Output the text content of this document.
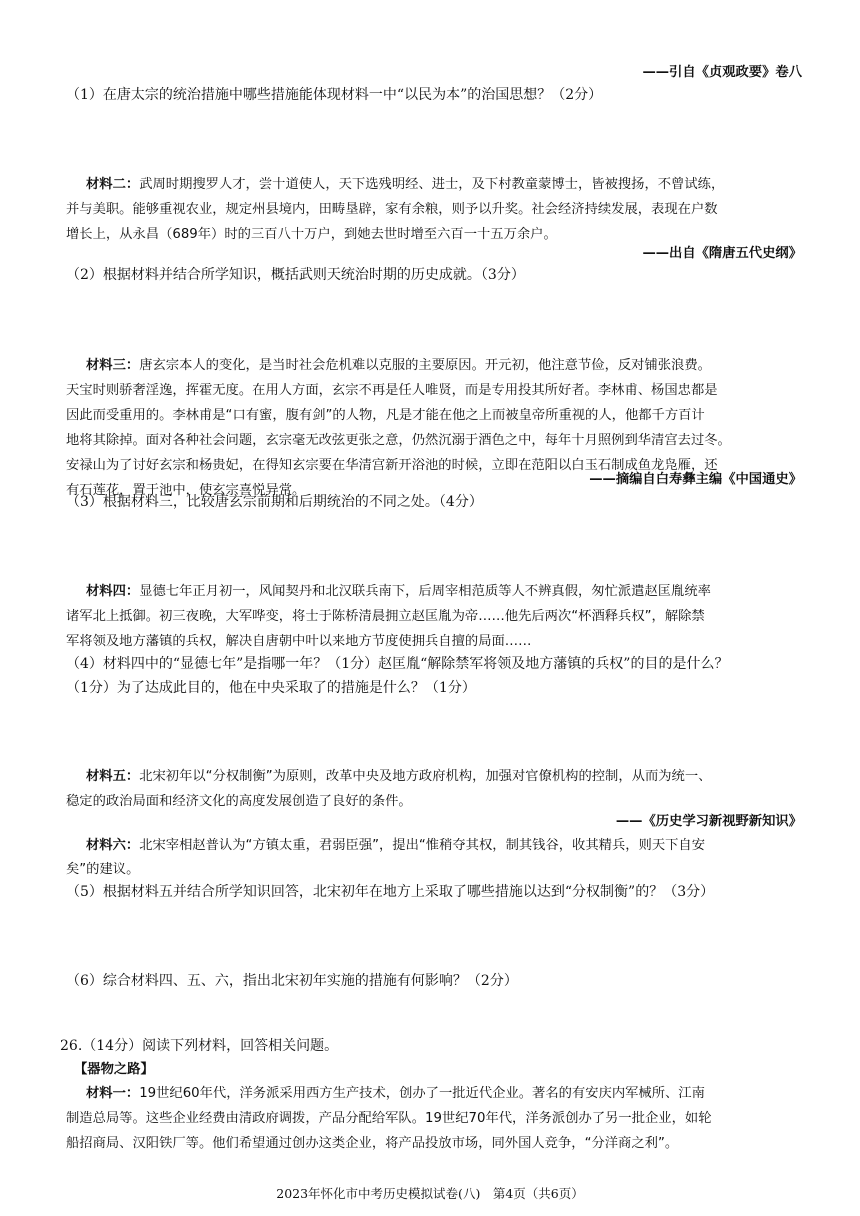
——引自《贞观政要》卷八
（1）在唐太宗的统治措施中哪些措施能体现材料一中“以民为本”的治国思想？（2分）
材料二：武周时期搜罗人才，尝十道使人，天下选残明经、进士，及下村教童蒙博士，皆被搜扬，不曾试练，
并与美职。能够重视农业，规定州县境内，田畴垦辟，家有余粮，则予以升奖。社会经济持续发展，表现在户数
增长上，从永昌（689年）时的三百八十万户，到她去世时增至六百一十五万余户。
——出自《隋唐五代史纲》
（2）根据材料并结合所学知识，概括武则天统治时期的历史成就。（3分）
材料三：唐玄宗本人的变化，是当时社会危机难以克服的主要原因。开元初，他注意节俭，反对铺张浪费。
天宝时则骄奢淫逸，挥霍无度。在用人方面，玄宗不再是任人唯贤，而是专用投其所好者。李林甫、杨国忠都是
因此而受重用的。李林甫是“口有蜜，腹有剑”的人物，凡是才能在他之上而被皇帝所重视的人，他都千方百计
地将其除掉。面对各种社会问题，玄宗毫无改弦更张之意，仍然沉溺于酒色之中，每年十月照例到华清宫去过冬。
安禄山为了讨好玄宗和杨贵妃，在得知玄宗要在华清宫新开浴池的时候，立即在范阳以白玉石制成鱼龙凫雁，还
有石莲花，置于池中，使玄宗喜悦异常。
——摘编自白寿彝主编《中国通史》
（3）根据材料三，比较唐玄宗前期和后期统治的不同之处。（4分）
材料四：显德七年正月初一，风闻契丹和北汉联兵南下，后周宰相范质等人不辨真假，匆忙派遣赵匡胤统率
诸军北上抵御。初三夜晚，大军哗变，将士于陈桥清晨拥立赵匡胤为帝……他先后两次“杯酒释兵权”，解除禁
军将领及地方藩镇的兵权，解决自唐朝中叶以来地方节度使拥兵自擅的局面……
（4）材料四中的“显德七年”是指哪一年？（1分）赵匡胤“解除禁军将领及地方藩镇的兵权”的目的是什么？
（1分）为了达成此目的，他在中央采取了的措施是什么？（1分）
材料五：北宋初年以“分权制衡”为原则，改革中央及地方政府机构，加强对官僚机构的控制，从而为统一、
稳定的政治局面和经济文化的高度发展创造了良好的条件。
——《历史学习新视野新知识》
材料六：北宋宰相赵普认为“方镇太重，君弱臣强”，提出“惟稍夺其权，制其钱谷，收其精兵，则天下自安
矣”的建议。
（5）根据材料五并结合所学知识回答，北宋初年在地方上采取了哪些措施以达到“分权制衡”的？（3分）
（6）综合材料四、五、六，指出北宋初年实施的措施有何影响？（2分）
26.（14分）阅读下列材料，回答相关问题。
【器物之路】
材料一：19世纪60年代，洋务派采用西方生产技术，创办了一批近代企业。著名的有安庆内军械所、江南
制造总局等。这些企业经费由清政府调拨，产品分配给军队。19世纪70年代，洋务派创办了另一批企业，如轮
船招商局、汉阳铁厂等。他们希望通过创办这类企业，将产品投放市场，同外国人竞争，“分洋商之利”。
2023年怀化市中考历史模拟试卷(八)　第4页（共6页）
